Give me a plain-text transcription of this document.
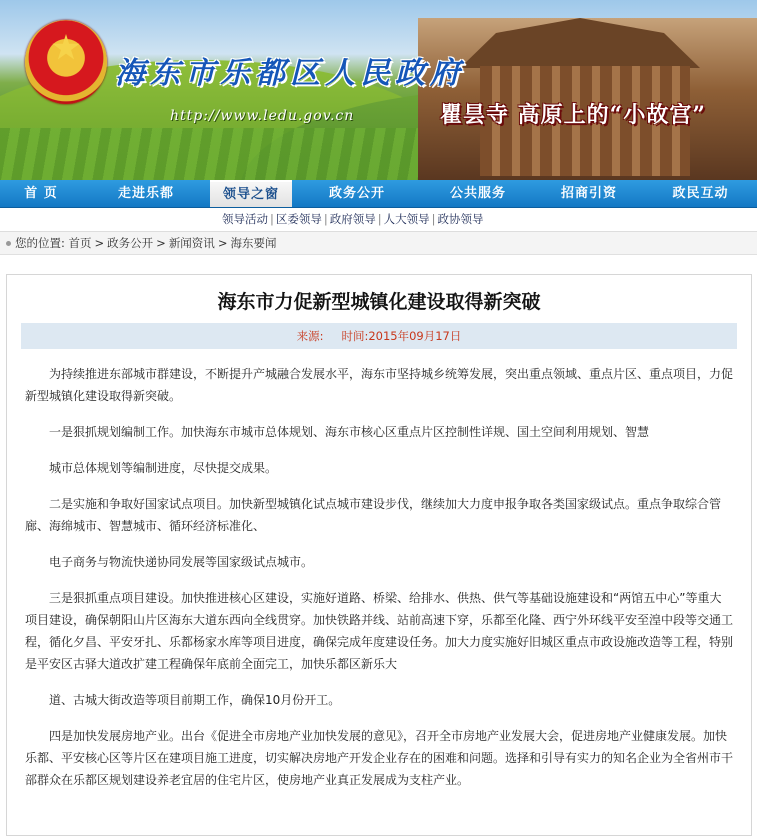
海东市乐都区人民政府
http://www.ledu.gov.cn	瞿昙寺 高原上的“小故宫”
首 页	走进乐都	领导之窗	政务公开	公共服务	招商引资	政民互动
领导活动 | 区委领导 | 政府领导 | 人大领导 | 政协领导
您的位置: 首页 > 政务公开 > 新闻资讯 > 海东要闻
海东市力促新型城镇化建设取得新突破
来源: 时间:2015年09月17日

为持续推进东部城市群建设，不断提升产城融合发展水平，海东市坚持城乡统筹发展，突出重点领域、重点片区、重点项目，力促新型城镇化建设取得新突破。

一是狠抓规划编制工作。加快海东市城市总体规划、海东市核心区重点片区控制性详规、国土空间利用规划、智慧

城市总体规划等编制进度，尽快提交成果。

二是实施和争取好国家试点项目。加快新型城镇化试点城市建设步伐，继续加大力度申报争取各类国家级试点。重点争取综合管廊、海绵城市、智慧城市、循环经济标准化、

电子商务与物流快递协同发展等国家级试点城市。

三是狠抓重点项目建设。加快推进核心区建设，实施好道路、桥梁、给排水、供热、供气等基础设施建设和“两馆五中心”等重大项目建设，确保朝阳山片区海东大道东西向全线贯穿。加快铁路并线、站前高速下穿，乐都至化隆、西宁外环线平安至湟中段等交通工程，循化夕昌、平安牙扎、乐都杨家水库等项目进度，确保完成年度建设任务。加大力度实施好旧城区重点市政设施改造等工程，特别是平安区古驿大道改扩建工程确保年底前全面完工，加快乐都区新乐大

道、古城大街改造等项目前期工作，确保10月份开工。

四是加快发展房地产业。出台《促进全市房地产业加快发展的意见》，召开全市房地产业发展大会，促进房地产业健康发展。加快乐都、平安核心区等片区在建项目施工进度，切实解决房地产开发企业存在的困难和问题。选择和引导有实力的知名企业为全省州市干部群众在乐都区规划建设养老宜居的住宅片区，使房地产业真正发展成为支柱产业。
